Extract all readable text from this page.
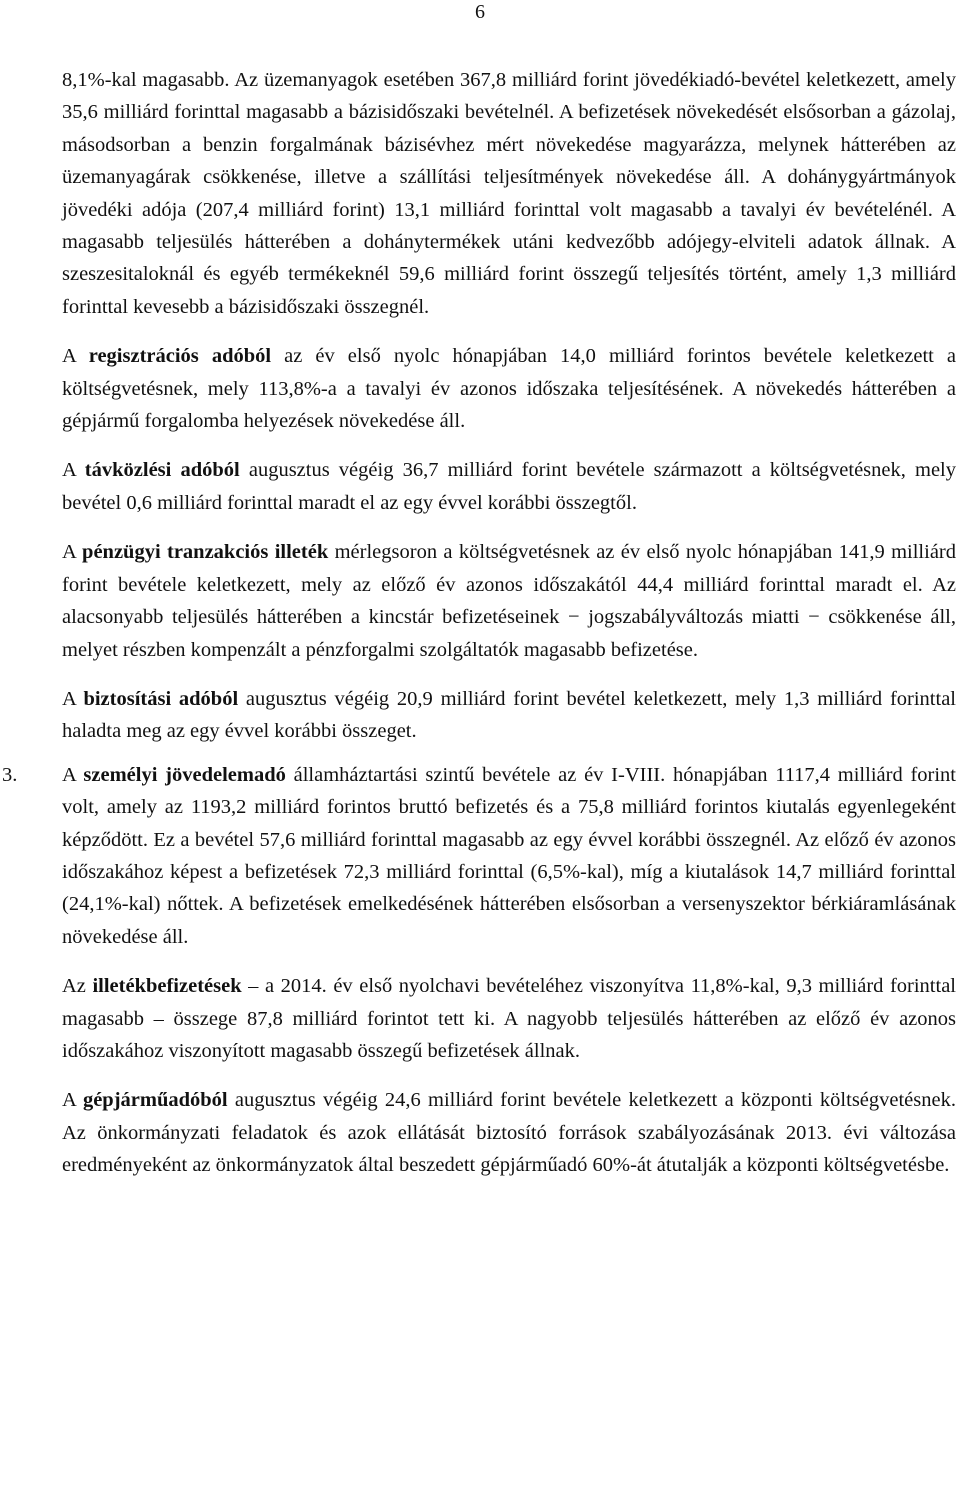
6

8,1%-kal magasabb. Az üzemanyagok esetében 367,8 milliárd forint jövedékiadó-bevétel keletkezett, amely 35,6 milliárd forinttal magasabb a bázisidőszaki bevételnél. A befizetések növekedését elsősorban a gázolaj, másodsorban a benzin forgalmának bázisévhez mért növekedése magyarázza, melynek hátterében az üzemanyagárak csökkenése, illetve a szállítási teljesítmények növekedése áll. A dohánygyártmányok jövedéki adója (207,4 milliárd forint) 13,1 milliárd forinttal volt magasabb a tavalyi év bevételénél. A magasabb teljesülés hátterében a dohánytermékek utáni kedvezőbb adójegy-elviteli adatok állnak. A szeszesitaloknál és egyéb termékeknél 59,6 milliárd forint összegű teljesítés történt, amely 1,3 milliárd forinttal kevesebb a bázisidőszaki összegnél.

A regisztrációs adóból az év első nyolc hónapjában 14,0 milliárd forintos bevétele keletkezett a költségvetésnek, mely 113,8%-a a tavalyi év azonos időszaka teljesítésének. A növekedés hátterében a gépjármű forgalomba helyezések növekedése áll.

A távközlési adóból augusztus végéig 36,7 milliárd forint bevétele származott a költségvetésnek, mely bevétel 0,6 milliárd forinttal maradt el az egy évvel korábbi összegtől.

A pénzügyi tranzakciós illeték mérlegsoron a költségvetésnek az év első nyolc hónapjában 141,9 milliárd forint bevétele keletkezett, mely az előző év azonos időszakától 44,4 milliárd forinttal maradt el. Az alacsonyabb teljesülés hátterében a kincstár befizetéseinek − jogszabályváltozás miatti − csökkenése áll, melyet részben kompenzált a pénzforgalmi szolgáltatók magasabb befizetése.

A biztosítási adóból augusztus végéig 20,9 milliárd forint bevétel keletkezett, mely 1,3 milliárd forinttal haladta meg az egy évvel korábbi összeget.

3. A személyi jövedelemadó államháztartási szintű bevétele az év I-VIII. hónapjában 1117,4 milliárd forint volt, amely az 1193,2 milliárd forintos bruttó befizetés és a 75,8 milliárd forintos kiutalás egyenlegeként képződött. Ez a bevétel 57,6 milliárd forinttal magasabb az egy évvel korábbi összegnél. Az előző év azonos időszakához képest a befizetések 72,3 milliárd forinttal (6,5%-kal), míg a kiutalások 14,7 milliárd forinttal (24,1%-kal) nőttek. A befizetések emelkedésének hátterében elsősorban a versenyszektor bérkiáramlásának növekedése áll.

Az illetékbefizetések – a 2014. év első nyolchavi bevételéhez viszonyítva 11,8%-kal, 9,3 milliárd forinttal magasabb – összege 87,8 milliárd forintot tett ki. A nagyobb teljesülés hátterében az előző év azonos időszakához viszonyított magasabb összegű befizetések állnak.

A gépjárműadóból augusztus végéig 24,6 milliárd forint bevétele keletkezett a központi költségvetésnek. Az önkormányzati feladatok és azok ellátását biztosító források szabályozásának 2013. évi változása eredményeként az önkormányzatok által beszedett gépjárműadó 60%-át átutalják a központi költségvetésbe.
